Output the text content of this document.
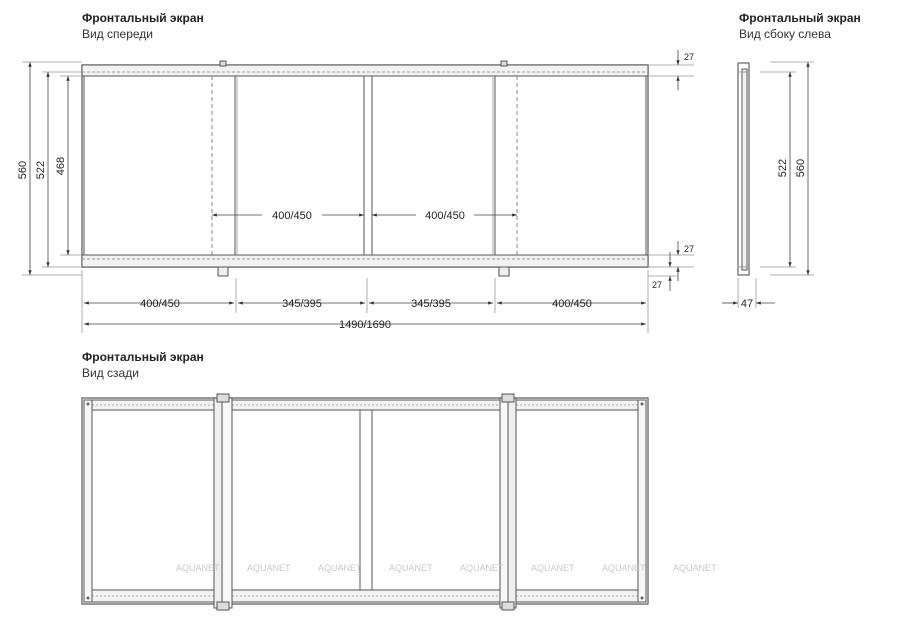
Фронтальный экран
Вид спереди
Фронтальный экран
Вид сбоку слева
Фронтальный экран
Вид сзади
560 522 468
27
27
27
400/450	400/450
400/450	345/395	345/395	400/450
1490/1690
522 560
47
AQUANET	AQUANET	AQUANET	AQUANET	AQUANET	AQUANET	AQUANET	AQUANET
